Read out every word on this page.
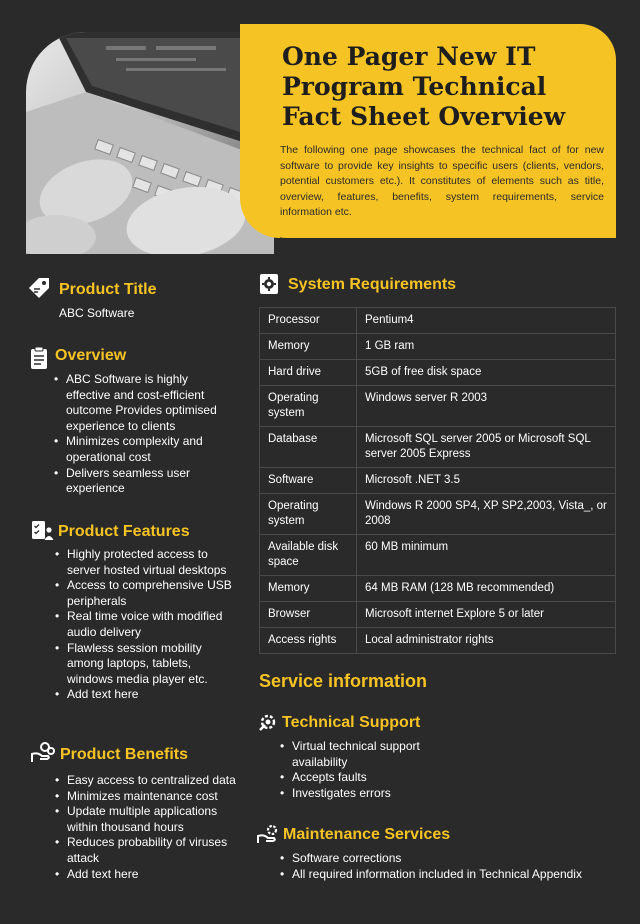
One Pager New IT Program Technical Fact Sheet Overview

The following one page showcases the technical fact of for new software to provide key insights to specific users (clients, vendors, potential customers etc.). It constitutes of elements such as title, overview, features, benefits, system requirements, service information etc.

Product Title

ABC Software

Overview
• ABC Software is highly effective and cost-efficient outcome Provides optimised experience to clients
• Minimizes complexity and operational cost
• Delivers seamless user experience
Product Features
• Highly protected access to server hosted virtual desktops
• Access to comprehensive USB peripherals
• Real time voice with modified audio delivery
• Flawless session mobility among laptops, tablets, windows media player etc.
• Add text here
Product Benefits
• Easy access to centralized data
• Minimizes maintenance cost
• Update multiple applications within thousand hours
• Reduces probability of viruses attack
• Add text here
System Requirements
Processor	Pentium4
Memory	1 GB ram
Hard drive	5GB of free disk space
Operating system	Windows server R 2003
Database	Microsoft SQL server 2005 or Microsoft SQL server 2005 Express
Software	Microsoft .NET 3.5
Operating system	Windows R 2000 SP4, XP SP2,2003, Vista_, or 2008
Available disk space	60 MB minimum
Memory	64 MB RAM (128 MB recommended)
Browser	Microsoft internet Explore 5 or later
Access rights	Local administrator rights
Service information
Technical Support
• Virtual technical support availability
• Accepts faults
• Investigates errors
Maintenance Services
• Software corrections
• All required information included in Technical Appendix
